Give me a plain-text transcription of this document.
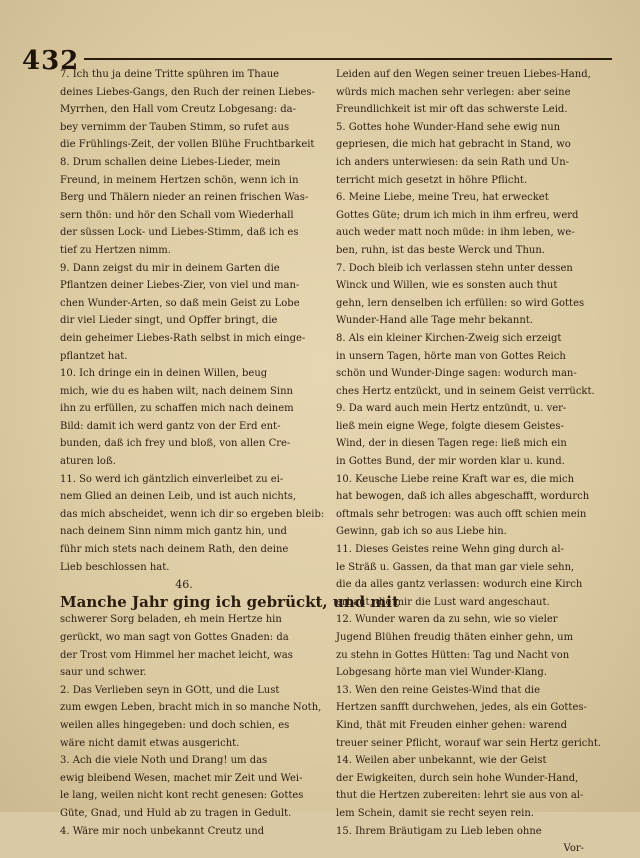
432

7. Ich thu ja deine Tritte spühren im Thaue
deines Liebes-Gangs, den Ruch der reinen Liebes-
Myrrhen, den Hall vom Creutz Lobgesang: da-
bey vernimm der Tauben Stimm, so rufet aus
die Frühlings-Zeit, der vollen Blühe Fruchtbarkeit
8. Drum schallen deine Liebes-Lieder, mein
Freund, in meinem Hertzen schön, wenn ich in
Berg und Thälern nieder an reinen frischen Was-
sern thön: und hör den Schall vom Wiederhall
der süssen Lock- und Liebes-Stimm, daß ich es
tief zu Hertzen nimm.
9. Dann zeigst du mir in deinem Garten die
Pflantzen deiner Liebes-Zier, von viel und man-
chen Wunder-Arten, so daß mein Geist zu Lobe
dir viel Lieder singt, und Opffer bringt, die
dein geheimer Liebes-Rath selbst in mich einge-
pflantzet hat.
10. Ich dringe ein in deinen Willen, beug
mich, wie du es haben wilt, nach deinem Sinn
ihn zu erfüllen, zu schaffen mich nach deinem
Bild: damit ich werd gantz von der Erd ent-
bunden, daß ich frey und bloß, von allen Cre-
aturen loß.
11. So werd ich gäntzlich einverleibet zu ei-
nem Glied an deinen Leib, und ist auch nichts,
das mich abscheidet, wenn ich dir so ergeben bleib:
nach deinem Sinn nimm mich gantz hin, und
führ mich stets nach deinem Rath, den deine
Lieb beschlossen hat.
46.
Manche Jahr ging ich gebrückt, und mit
schwerer Sorg beladen, eh mein Hertze hin
gerückt, wo man sagt von Gottes Gnaden: da
der Trost vom Himmel her machet leicht, was
saur und schwer.
2. Das Verlieben seyn in GOtt, und die Lust
zum ewgen Leben, bracht mich in so manche Noth,
weilen alles hingegeben: und doch schien, es
wäre nicht damit etwas ausgericht.
3. Ach die viele Noth und Drang! um das
ewig bleibend Wesen, machet mir Zeit und Wei-
le lang, weilen nicht kont recht genesen: Gottes
Güte, Gnad, und Huld ab zu tragen in Gedult.
4. Wäre mir noch unbekannt Creutz und

Leiden auf den Wegen seiner treuen Liebes-Hand,
würds mich machen sehr verlegen: aber seine
Freundlichkeit ist mir oft das schwerste Leid.
5. Gottes hohe Wunder-Hand sehe ewig nun
gepriesen, die mich hat gebracht in Stand, wo
ich anders unterwiesen: da sein Rath und Un-
terricht mich gesetzt in höhre Pflicht.
6. Meine Liebe, meine Treu, hat erwecket
Gottes Güte; drum ich mich in ihm erfreu, werd
auch weder matt noch müde: in ihm leben, we-
ben, ruhn, ist das beste Werck und Thun.
7. Doch bleib ich verlassen stehn unter dessen
Winck und Willen, wie es sonsten auch thut
gehn, lern denselben ich erfüllen: so wird Gottes
Wunder-Hand alle Tage mehr bekannt.
8. Als ein kleiner Kirchen-Zweig sich erzeigt
in unsern Tagen, hörte man von Gottes Reich
schön und Wunder-Dinge sagen: wodurch man-
ches Hertz entzückt, und in seinem Geist verrückt.
9. Da ward auch mein Hertz entzündt, u. ver-
ließ mein eigne Wege, folgte diesem Geistes-
Wind, der in diesen Tagen rege: ließ mich ein
in Gottes Bund, der mir worden klar u. kund.
10. Keusche Liebe reine Kraft war es, die mich
hat bewogen, daß ich alles abgeschafft, wordurch
oftmals sehr betrogen: was auch offt schien mein
Gewinn, gab ich so aus Liebe hin.
11. Dieses Geistes reine Wehn ging durch al-
le Sträß u. Gassen, da that man gar viele sehn,
die da alles gantz verlassen: wodurch eine Kirch
erbaut, die mir die Lust ward angeschaut.
12. Wunder waren da zu sehn, wie so vieler
Jugend Blühen freudig thäten einher gehn, um
zu stehn in Gottes Hütten: Tag und Nacht von
Lobgesang hörte man viel Wunder-Klang.
13. Wen den reine Geistes-Wind that die
Hertzen sanfft durchwehen, jedes, als ein Gottes-
Kind, thät mit Freuden einher gehen: warend
treuer seiner Pflicht, worauf war sein Hertz gericht.
14. Weilen aber unbekannt, wie der Geist
der Ewigkeiten, durch sein hohe Wunder-Hand,
thut die Hertzen zubereiten: lehrt sie aus von al-
lem Schein, damit sie recht seyen rein.
15. Ihrem Bräutigam zu Lieb leben ohne
Vor-
